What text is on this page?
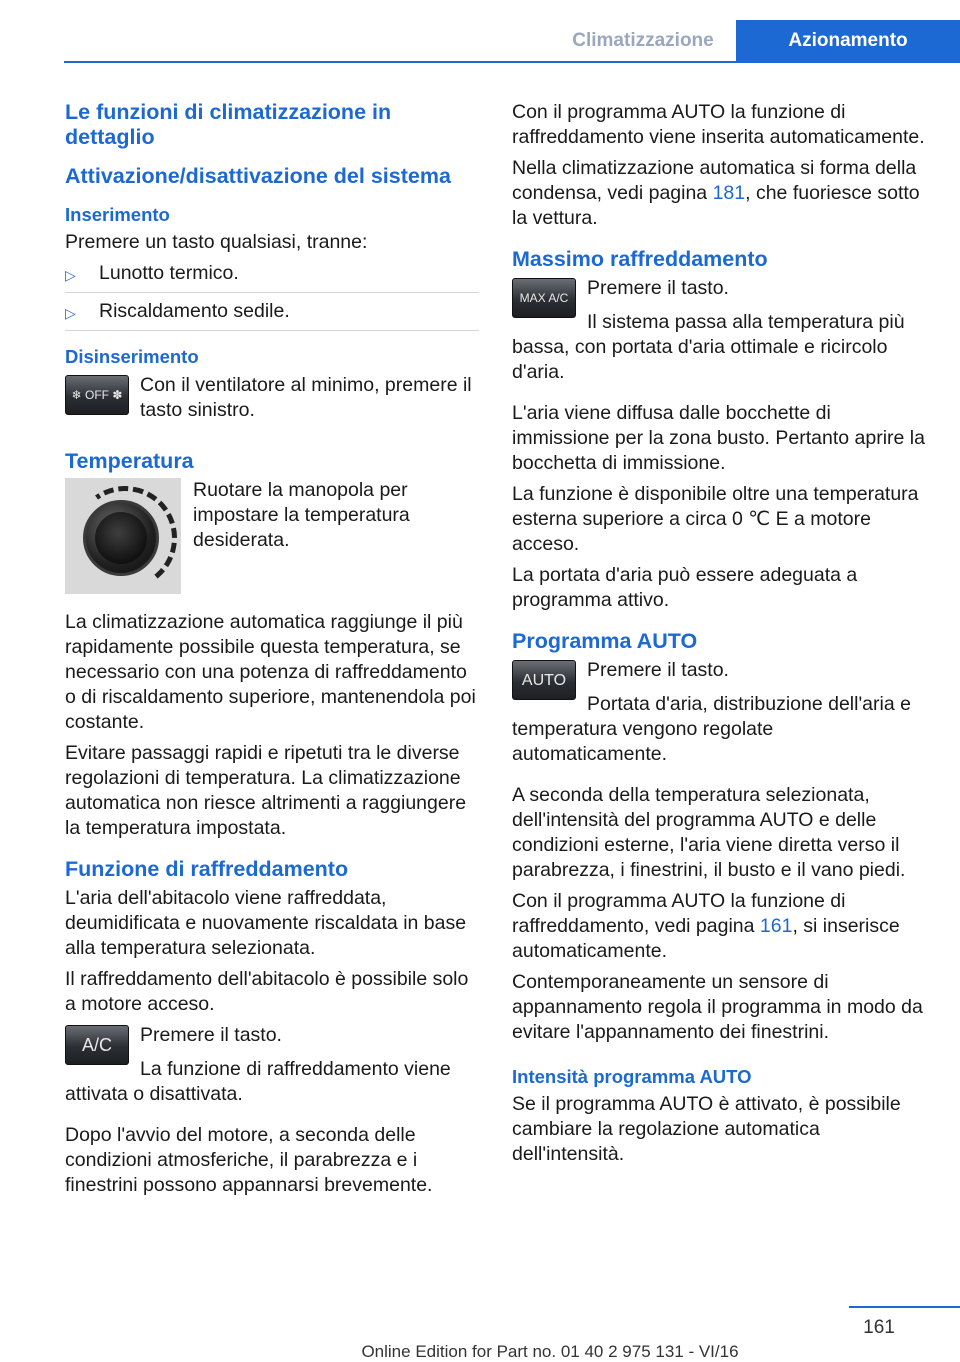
Climatizzazione	Azionamento
Le funzioni di climatizzazione in dettaglio
Attivazione/disattivazione del sistema
Inserimento

Premere un tasto qualsiasi, tranne:

▷ Lunotto termico.
▷ Riscaldamento sedile.
Disinserimento
❄ OFF ✽ Con il ventilatore al minimo, premere il tasto sinistro.
Temperatura
Ruotare la manopola per impostare la temperatura desiderata.

La climatizzazione automatica raggiunge il più rapidamente possibile questa temperatura, se necessario con una potenza di raffreddamento o di riscaldamento superiore, mantenendola poi costante.

Evitare passaggi rapidi e ripetuti tra le diverse regolazioni di temperatura. La climatizzazione automatica non riesce altrimenti a raggiungere la temperatura impostata.

Funzione di raffreddamento

L'aria dell'abitacolo viene raffreddata, deumidificata e nuovamente riscaldata in base alla temperatura selezionata.

Il raffreddamento dell'abitacolo è possibile solo a motore acceso.

A/C	Premere il tasto.

La funzione di raffreddamento viene attivata o disattivata.

Dopo l'avvio del motore, a seconda delle condizioni atmosferiche, il parabrezza e i finestrini possono appannarsi brevemente.

Con il programma AUTO la funzione di raffreddamento viene inserita automaticamente.

Nella climatizzazione automatica si forma della condensa, vedi pagina 181, che fuoriesce sotto la vettura.

Massimo raffreddamento
MAX A/C Premere il tasto.

Il sistema passa alla temperatura più bassa, con portata d'aria ottimale e ricircolo d'aria.

L'aria viene diffusa dalle bocchette di immissione per la zona busto. Pertanto aprire la bocchetta di immissione.

La funzione è disponibile oltre una temperatura esterna superiore a circa 0 ℃ E a motore acceso.

La portata d'aria può essere adeguata a programma attivo.

Programma AUTO
AUTO	Premere il tasto.

Portata d'aria, distribuzione dell'aria e temperatura vengono regolate automaticamente.

A seconda della temperatura selezionata, dell'intensità del programma AUTO e delle condizioni esterne, l'aria viene diretta verso il parabrezza, i finestrini, il busto e il vano piedi.

Con il programma AUTO la funzione di raffreddamento, vedi pagina 161, si inserisce automaticamente.

Contemporaneamente un sensore di appannamento regola il programma in modo da evitare l'appannamento dei finestrini.

Intensità programma AUTO

Se il programma AUTO è attivato, è possibile cambiare la regolazione automatica dell'intensità.

161
Online Edition for Part no. 01 40 2 975 131 - VI/16
